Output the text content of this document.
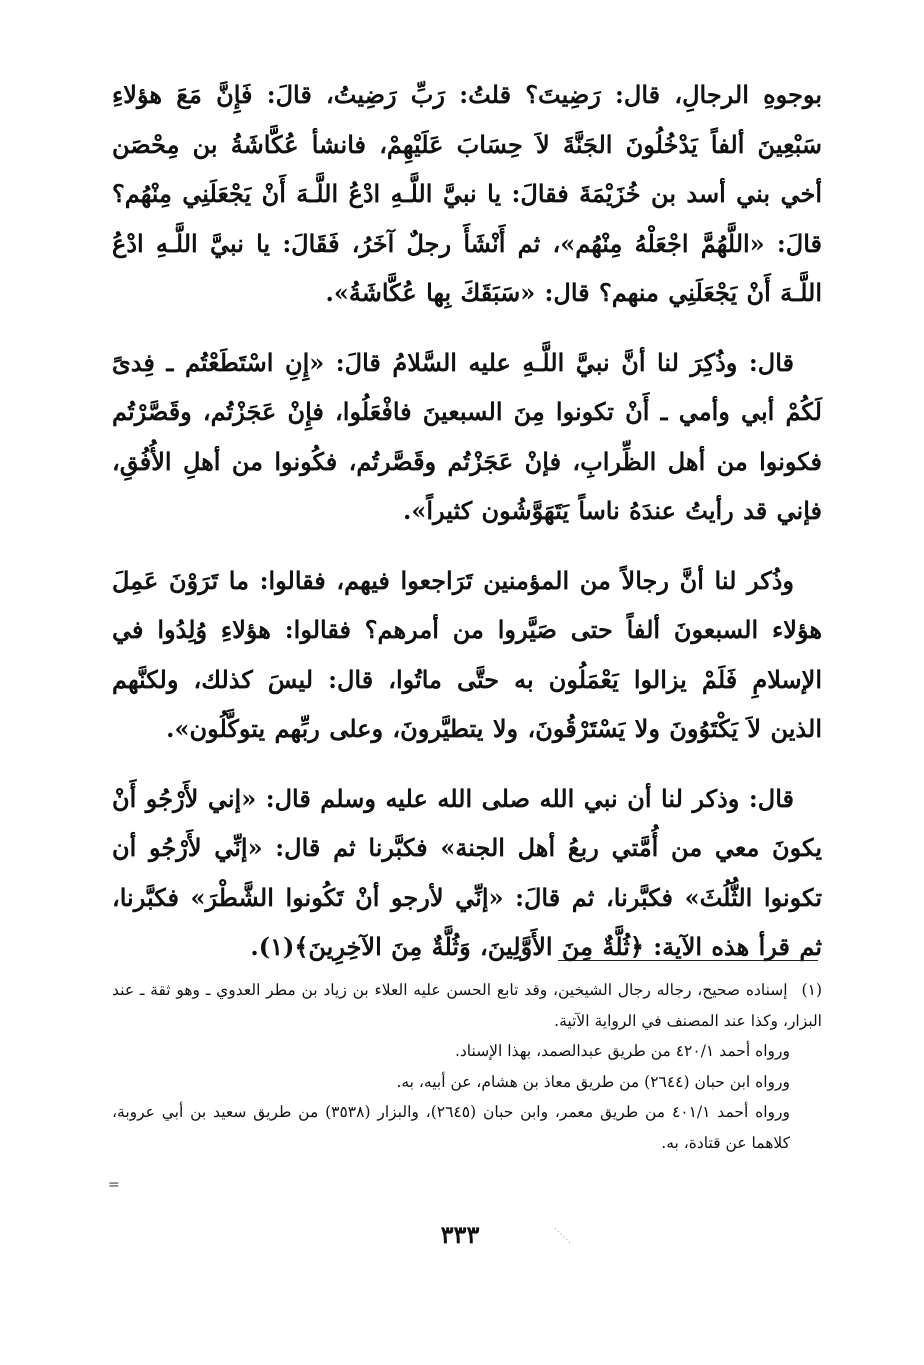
بوجوهِ الرجالِ، قال: رَضِيتَ؟ قلتُ: رَبِّ رَضِيتُ، قالَ: فَإِنَّ مَعَ هؤلاءِ سَبْعِينَ ألفاً يَدْخُلُونَ الجَنَّةَ لاَ حِسَابَ عَلَيْهِمْ، فانشأ عُكَّاشَةُ بن مِحْصَن أخي بني أسد بن خُزَيْمَةَ فقالَ: يا نبيَّ اللَّـهِ ادْعُ اللَّـهَ أَنْ يَجْعَلَنِي مِنْهُم؟ قالَ: «اللَّهُمَّ اجْعَلْهُ مِنْهُم»، ثم أَنْشَأَ رجلٌ آخَرُ، فَقَالَ: يا نبيَّ اللَّـهِ ادْعُ اللَّـهَ أَنْ يَجْعَلَنِي منهم؟ قال: «سَبَقَكَ بِها عُكَّاشَةُ».

قال: وذُكِرَ لنا أنَّ نبيَّ اللَّـهِ عليه السَّلامُ قالَ: «إِنِ اسْتَطَعْتُم ـ فِدىً لَكُمْ أبي وأمي ـ أَنْ تكونوا مِنَ السبعينَ فافْعَلُوا، فإِنْ عَجَزْتُم، وقَصَّرْتُم فكونوا من أهل الظِّرابِ، فإنْ عَجَزْتُم وقَصَّرتُم، فكُونوا من أهلِ الأُفُقِ، فإني قد رأيتُ عندَهُ ناساً يَتَهَوَّشُون كثيراً».

وذُكر لنا أنَّ رجالاً من المؤمنين تَرَاجعوا فيهم، فقالوا: ما تَرَوْنَ عَمِلَ هؤلاء السبعونَ ألفاً حتى صَيَّروا من أمرهم؟ فقالوا: هؤلاءِ وُلِدُوا في الإسلامِ فَلَمْ يزالوا يَعْمَلُون به حتَّى ماتُوا، قال: ليسَ كذلك، ولكنَّهم الذين لاَ يَكْتَوُونَ ولا يَسْتَرْقُونَ، ولا يتطيَّرونَ، وعلى ربِّهم يتوكَّلُون».

قال: وذكر لنا أن نبي الله صلى الله عليه وسلم قال: «إني لأَرْجُو أَنْ يكونَ معي من أُمَّتي ربعُ أهل الجنة» فكبَّرنا ثم قال: «إنِّي لأَرْجُو أن تكونوا الثُّلُثَ» فكبَّرنا، ثم قالَ: «إنِّي لأرجو أنْ تَكُونوا الشَّطْرَ» فكبَّرنا، ثم قرأ هذه الآية: ﴿ثُلَّةٌ مِنَ الأَوَّلِينَ، وَثُلَّةٌ مِنَ الآخِرِينَ﴾(١).

(١)إسناده صحيح، رجاله رجال الشيخين، وقد تابع الحسن عليه العلاء بن زياد بن مطر العدوي ـ وهو ثقة ـ عند البزار، وكذا عند المصنف في الرواية الآتية.

ورواه أحمد ٤٢٠/١ من طريق عبدالصمد، بهذا الإسناد.

ورواه ابن حبان (٢٦٤٤) من طريق معاذ بن هشام، عن أبيه، به.

ورواه أحمد ٤٠١/١ من طريق معمر، وابن حبان (٢٦٤٥)، والبزار (٣٥٣٨) من طريق سعيد بن أبي عروبة، كلاهما عن قتادة، به.

=
٣٣٣
